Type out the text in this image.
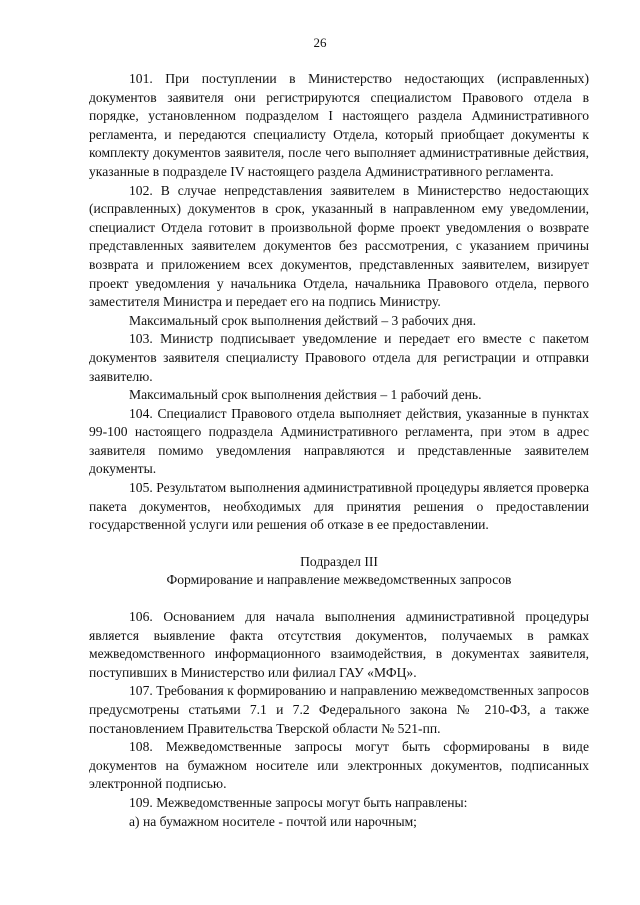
26

101. При поступлении в Министерство недостающих (исправленных) документов заявителя они регистрируются специалистом Правового отдела в порядке, установленном подразделом I настоящего раздела Административного регламента, и передаются специалисту Отдела, который приобщает документы к комплекту документов заявителя, после чего выполняет административные действия, указанные в подразделе IV настоящего раздела Административного регламента.

102. В случае непредставления заявителем в Министерство недостающих (исправленных) документов в срок, указанный в направленном ему уведомлении, специалист Отдела готовит в произвольной форме проект уведомления о возврате представленных заявителем документов без рассмотрения, с указанием причины возврата и приложением всех документов, представленных заявителем, визирует проект уведомления у начальника Отдела, начальника Правового отдела, первого заместителя Министра и передает его на подпись Министру.

Максимальный срок выполнения действий – 3 рабочих дня.

103. Министр подписывает уведомление и передает его вместе с пакетом документов заявителя специалисту Правового отдела для регистрации и отправки заявителю.

Максимальный срок выполнения действия – 1 рабочий день.

104. Специалист Правового отдела выполняет действия, указанные в пунктах 99-100 настоящего подраздела Административного регламента, при этом в адрес заявителя помимо уведомления направляются и представленные заявителем документы.

105. Результатом выполнения административной процедуры является проверка пакета документов, необходимых для принятия решения о предоставлении государственной услуги или решения об отказе в ее предоставлении.

Подраздел III

Формирование и направление межведомственных запросов

106. Основанием для начала выполнения административной процедуры является выявление факта отсутствия документов, получаемых в рамках межведомственного информационного взаимодействия, в документах заявителя, поступивших в Министерство или филиал ГАУ «МФЦ».

107. Требования к формированию и направлению межведомственных запросов предусмотрены статьями 7.1 и 7.2 Федерального закона № 210-ФЗ, а также постановлением Правительства Тверской области № 521-пп.

108. Межведомственные запросы могут быть сформированы в виде документов на бумажном носителе или электронных документов, подписанных электронной подписью.

109. Межведомственные запросы могут быть направлены:

а) на бумажном носителе - почтой или нарочным;
